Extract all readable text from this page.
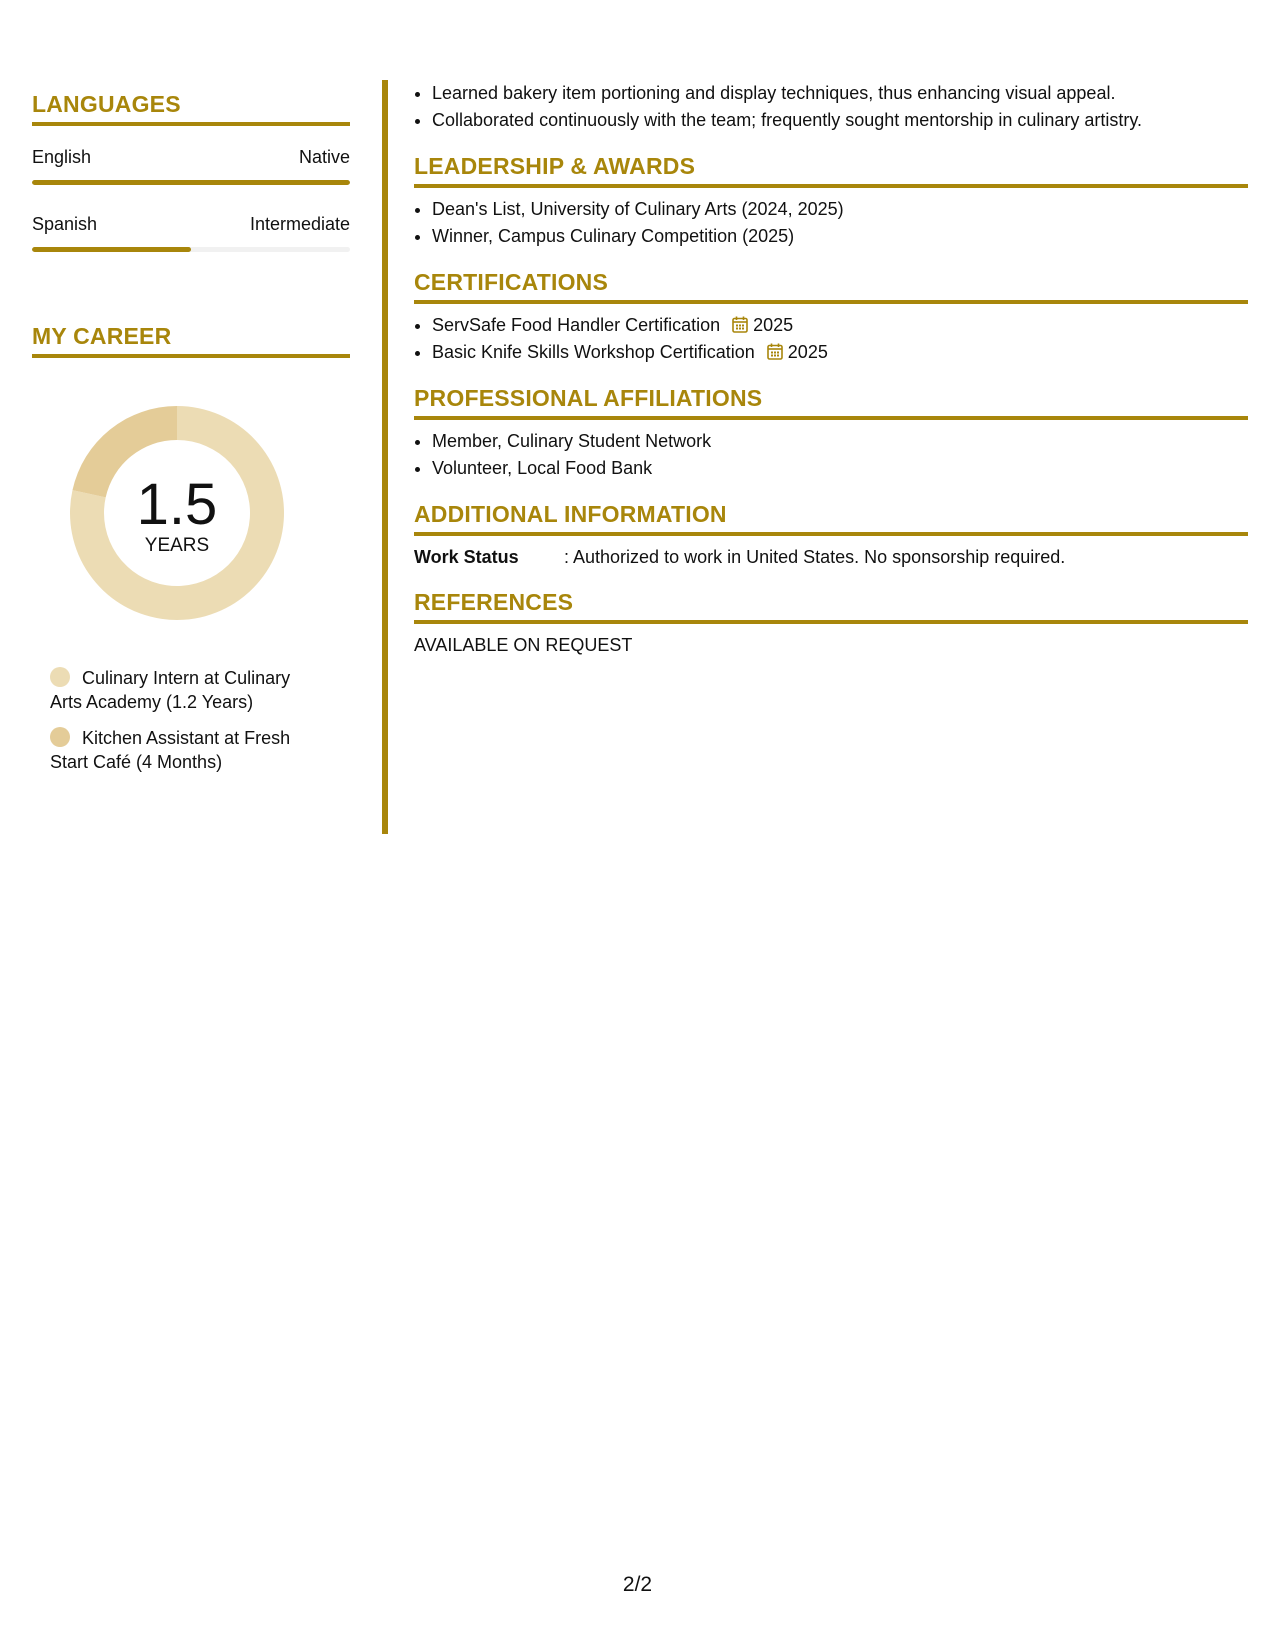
LANGUAGES
English	Native
Spanish	Intermediate
MY CAREER
1.5
YEARS
Culinary Intern at Culinary Arts Academy (1.2 Years)
Kitchen Assistant at Fresh Start Café (4 Months)
• Learned bakery item portioning and display techniques, thus enhancing visual appeal.
• Collaborated continuously with the team; frequently sought mentorship in culinary artistry.
LEADERSHIP & AWARDS
• Dean's List, University of Culinary Arts (2024, 2025)
• Winner, Campus Culinary Competition (2025)
CERTIFICATIONS
• ServSafe Food Handler Certification 2025
• Basic Knife Skills Workshop Certification 2025
PROFESSIONAL AFFILIATIONS
• Member, Culinary Student Network
• Volunteer, Local Food Bank
ADDITIONAL INFORMATION
Work Status	: Authorized to work in United States. No sponsorship required.
REFERENCES
AVAILABLE ON REQUEST
2/2
